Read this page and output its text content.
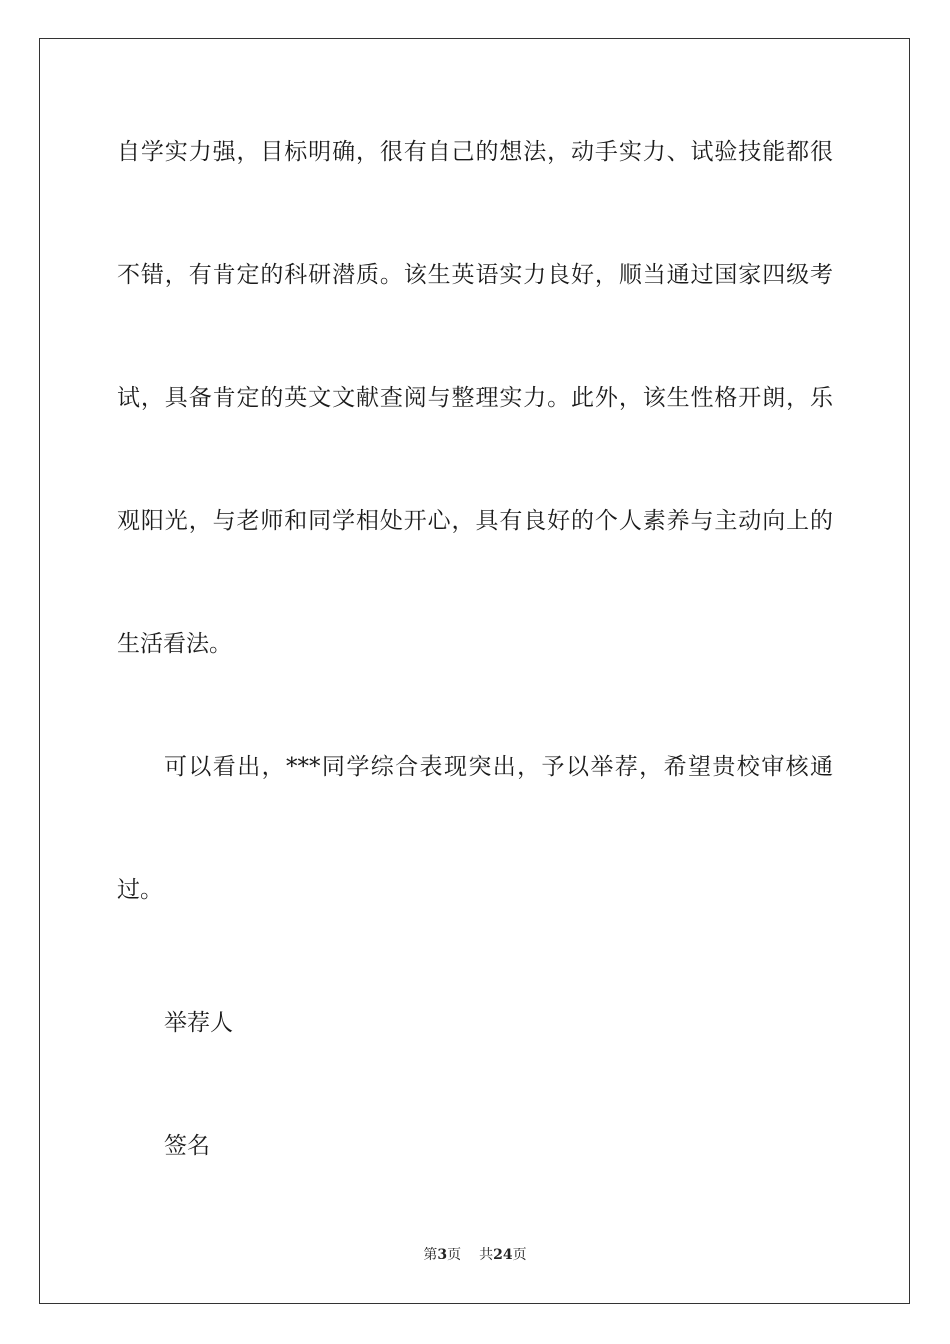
自学实力强，目标明确，很有自己的想法，动手实力、试验技能都很
不错，有肯定的科研潜质。该生英语实力良好，顺当通过国家四级考
试，具备肯定的英文文献查阅与整理实力。此外，该生性格开朗，乐
观阳光，与老师和同学相处开心，具有良好的个人素养与主动向上的
生活看法。
可以看出，***同学综合表现突出，予以举荐，希望贵校审核通
过。
举荐人
签名
第3页 共24页
